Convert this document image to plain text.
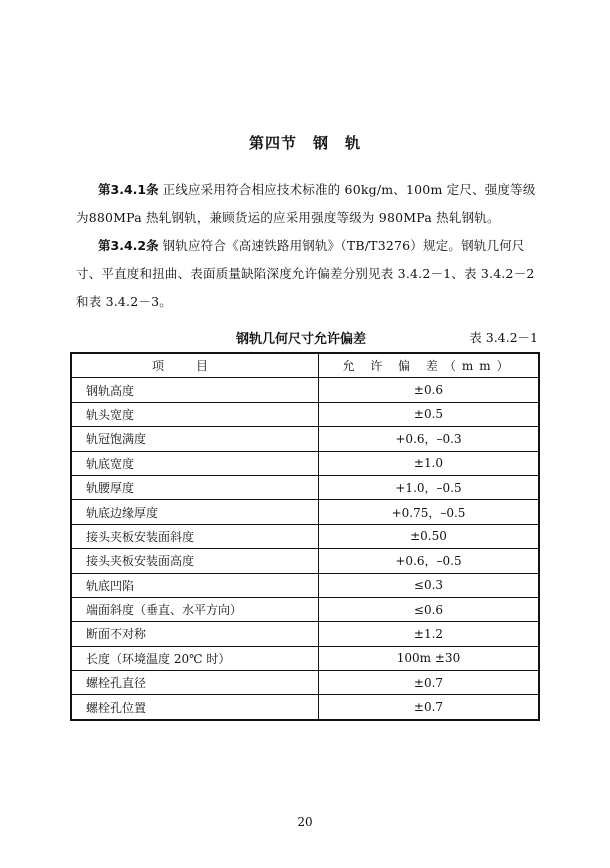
第四节　钢　轨
第3.4.1条 正线应采用符合相应技术标准的 60kg/m、100m 定尺、强度等级为880MPa 热轧钢轨，兼顾货运的应采用强度等级为 980MPa 热轧钢轨。
第3.4.2条 钢轨应符合《高速铁路用钢轨》（TB/T3276）规定。钢轨几何尺寸、平直度和扭曲、表面质量缺陷深度允许偏差分别见表 3.4.2－1、表 3.4.2－2 和表 3.4.2－3。
钢轨几何尺寸允许偏差	表 3.4.2－1
项　目	允 许 偏 差（mm）
钢轨高度	±0.6
轨头宽度	±0.5
轨冠饱满度	+0.6，–0.3
轨底宽度	±1.0
轨腰厚度	+1.0，–0.5
轨底边缘厚度	+0.75，–0.5
接头夹板安装面斜度	±0.50
接头夹板安装面高度	+0.6，–0.5
轨底凹陷	≤0.3
端面斜度（垂直、水平方向）	≤0.6
断面不对称	±1.2
长度（环境温度 20℃ 时）	100m ±30
螺栓孔直径	±0.7
螺栓孔位置	±0.7
20
